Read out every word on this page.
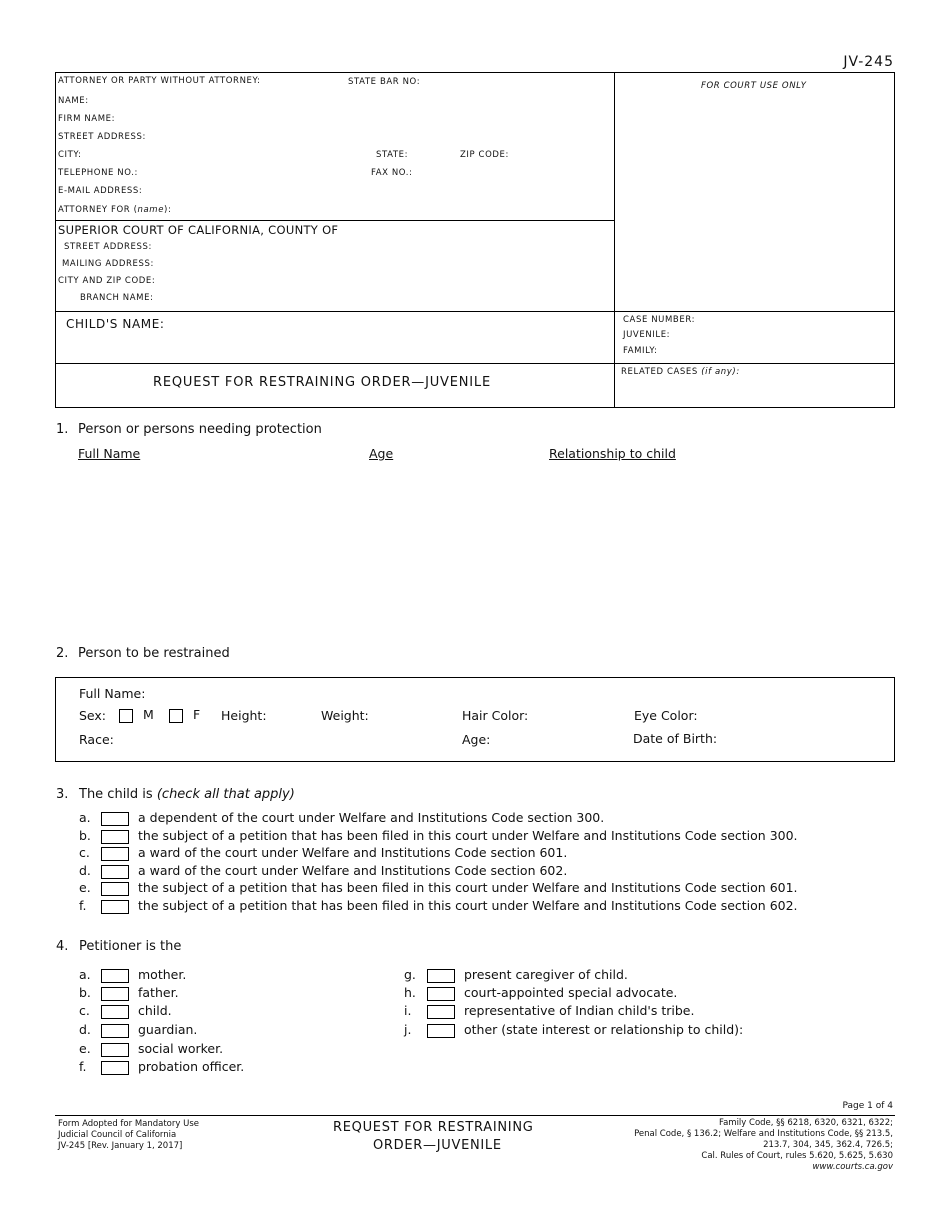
JV-245
ATTORNEY OR PARTY WITHOUT ATTORNEY:	STATE BAR NO:
NAME:
FIRM NAME:
STREET ADDRESS:
CITY:	STATE:	ZIP CODE:
TELEPHONE NO.:	FAX NO.:
E-MAIL ADDRESS:
ATTORNEY FOR (name):
FOR COURT USE ONLY
SUPERIOR COURT OF CALIFORNIA, COUNTY OF
STREET ADDRESS:
MAILING ADDRESS:
CITY AND ZIP CODE:
BRANCH NAME:
CHILD'S NAME:	CASE NUMBER:
JUVENILE:
FAMILY:
REQUEST FOR RESTRAINING ORDER—JUVENILE
RELATED CASES (if any):
1. Person or persons needing protection
Full Name	Age	Relationship to child
2. Person to be restrained
Full Name:
Sex:	M	F Height:	Weight:	Hair Color:	Eye Color:
Race:	Age:	Date of Birth:
3. The child is (check all that apply)
a.	a dependent of the court under Welfare and Institutions Code section 300.
b.	the subject of a petition that has been filed in this court under Welfare and Institutions Code section 300.
c.	a ward of the court under Welfare and Institutions Code section 601.
d.	a ward of the court under Welfare and Institutions Code section 602.
e.	the subject of a petition that has been filed in this court under Welfare and Institutions Code section 601.
f.	the subject of a petition that has been filed in this court under Welfare and Institutions Code section 602.
4. Petitioner is the
a.	mother.
b.	father.
c.	child.
d.	guardian.
e.	social worker.
f.	probation officer.
g.	present caregiver of child.
h.	court-appointed special advocate.
i.	representative of Indian child's tribe.
j.	other (state interest or relationship to child):
Page 1 of 4
Form Adopted for Mandatory Use
Judicial Council of California
JV-245 [Rev. January 1, 2017]
REQUEST FOR RESTRAINING
ORDER—JUVENILE
Family Code, §§ 6218, 6320, 6321, 6322;
Penal Code, § 136.2; Welfare and Institutions Code, §§ 213.5,
213.7, 304, 345, 362.4, 726.5;
Cal. Rules of Court, rules 5.620, 5.625, 5.630
www.courts.ca.gov
